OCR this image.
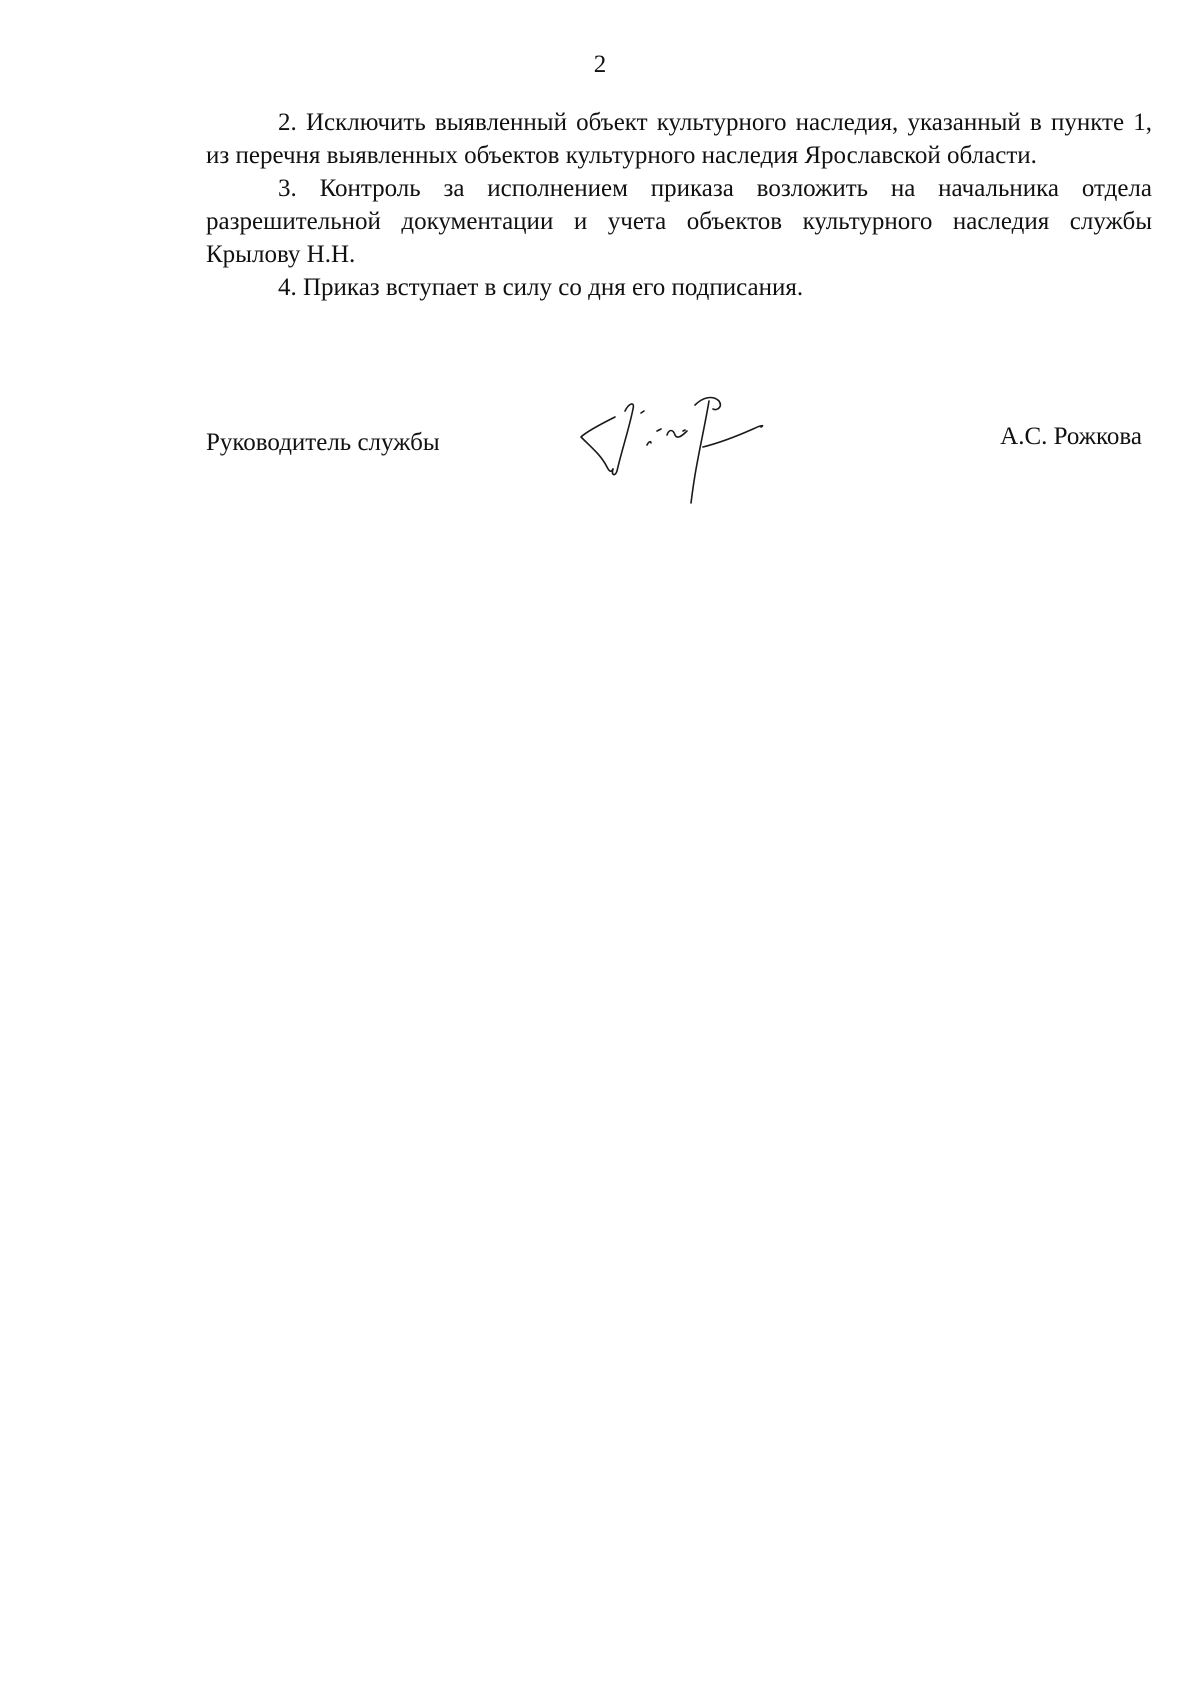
2

2. Исключить выявленный объект культурного наследия, указанный в пункте 1, из перечня выявленных объектов культурного наследия Ярославской области.

3. Контроль за исполнением приказа возложить на начальника отдела разрешительной документации и учета объектов культурного наследия службы Крылову Н.Н.

4. Приказ вступает в силу со дня его подписания.

Руководитель службы	А.С. Рожкова
